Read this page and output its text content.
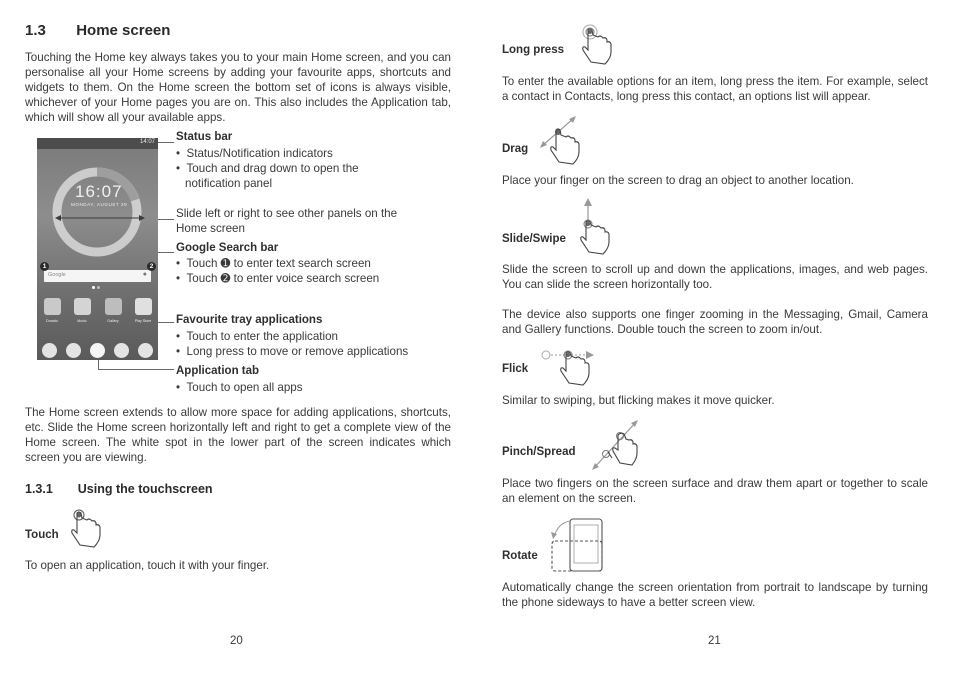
1.3 Home screen
Touching the Home key always takes you to your main Home screen, and you can personalise all your Home screens by adding your favourite apps, shortcuts and widgets to them. On the Home screen the bottom set of icons is always visible, whichever of your Home pages you are on. This also includes the Application tab, which will show all your available apps.
14:07
16:07
MONDAY, AUGUST 29
Google	●
1	2
Dorado	Music	Gallery	Play Store
Status bar
•  Status/Notification indicators
•  Touch and drag down to open the
notification panel
Slide left or right to see other panels on the
Home screen
Google Search bar
•  Touch ➊ to enter text search screen
•  Touch ➋ to enter voice search screen
Favourite tray applications
•  Touch to enter the application
•  Long press to move or remove applications
Application tab
•  Touch to open all apps
The Home screen extends to allow more space for adding applications, shortcuts, etc. Slide the Home screen horizontally left and right to get a complete view of the Home screen. The white spot in the lower part of the screen indicates which screen you are viewing.
1.3.1 Using the touchscreen
Touch
To open an application, touch it with your finger.
20
Long press
To enter the available options for an item, long press the item. For example, select a contact in Contacts, long press this contact, an options list will appear.
Drag
Place your finger on the screen to drag an object to another location.
Slide/Swipe
Slide the screen to scroll up and down the applications, images, and web pages. You can slide the screen horizontally too.
The device also supports one finger zooming in the Messaging, Gmail, Camera and Gallery functions. Double touch the screen to zoom in/out.
Flick
Similar to swiping, but flicking makes it move quicker.
Pinch/Spread
Place two fingers on the screen surface and draw them apart or together to scale an element on the screen.
Rotate
Automatically change the screen orientation from portrait to landscape by turning the phone sideways to have a better screen view.
21
